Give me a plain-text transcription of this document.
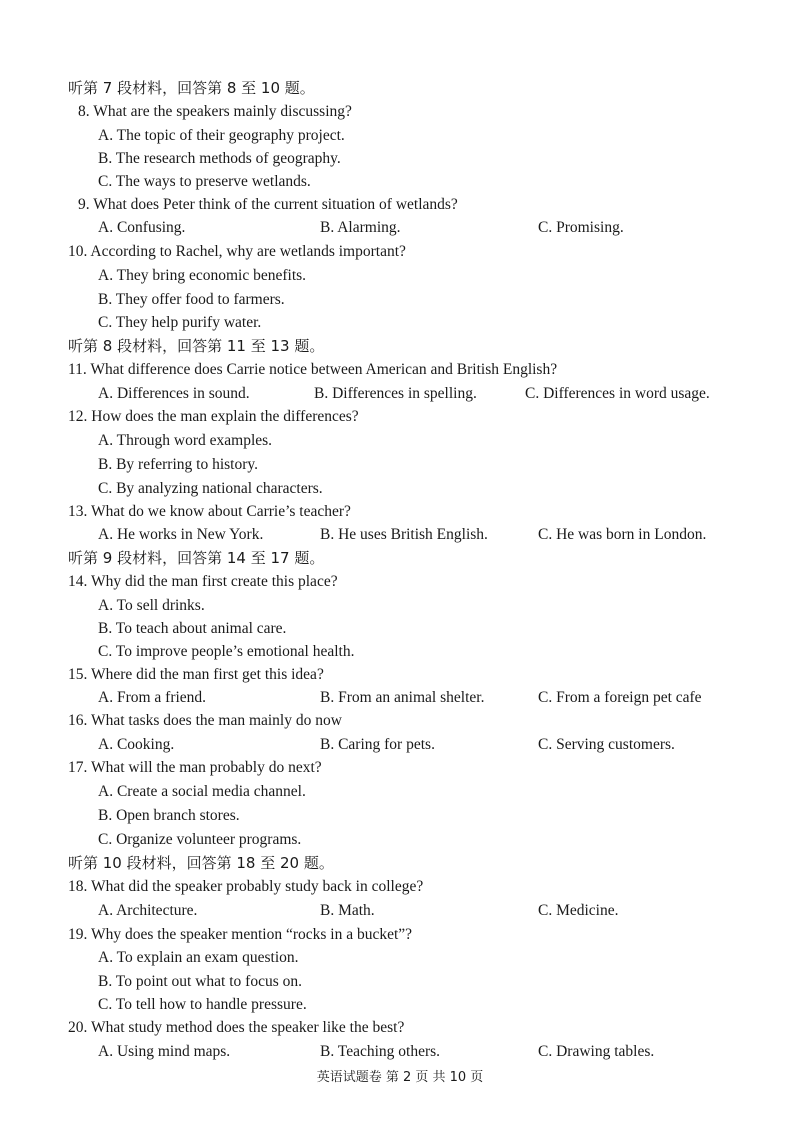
听第 7 段材料，回答第 8 至 10 题。
8. What are the speakers mainly discussing?
A. The topic of their geography project.
B. The research methods of geography.
C. The ways to preserve wetlands.
9. What does Peter think of the current situation of wetlands?
A. Confusing.	B. Alarming.	C. Promising.
10. According to Rachel, why are wetlands important?
A. They bring economic benefits.
B. They offer food to farmers.
C. They help purify water.
听第 8 段材料，回答第 11 至 13 题。
11. What difference does Carrie notice between American and British English?
A. Differences in sound.	B. Differences in spelling.	C. Differences in word usage.
12. How does the man explain the differences?
A. Through word examples.
B. By referring to history.
C. By analyzing national characters.
13. What do we know about Carrie’s teacher?
A. He works in New York.	B. He uses British English.	C. He was born in London.
听第 9 段材料，回答第 14 至 17 题。
14. Why did the man first create this place?
A. To sell drinks.
B. To teach about animal care.
C. To improve people’s emotional health.
15. Where did the man first get this idea?
A. From a friend.	B. From an animal shelter.	C. From a foreign pet cafe
16. What tasks does the man mainly do now
A. Cooking.	B. Caring for pets.	C. Serving customers.
17. What will the man probably do next?
A. Create a social media channel.
B. Open branch stores.
C. Organize volunteer programs.
听第 10 段材料，回答第 18 至 20 题。
18. What did the speaker probably study back in college?
A. Architecture.	B. Math.	C. Medicine.
19. Why does the speaker mention “rocks in a bucket”?
A. To explain an exam question.
B. To point out what to focus on.
C. To tell how to handle pressure.
20. What study method does the speaker like the best?
A. Using mind maps.	B. Teaching others.	C. Drawing tables.
英语试题卷 第 2 页 共 10 页
